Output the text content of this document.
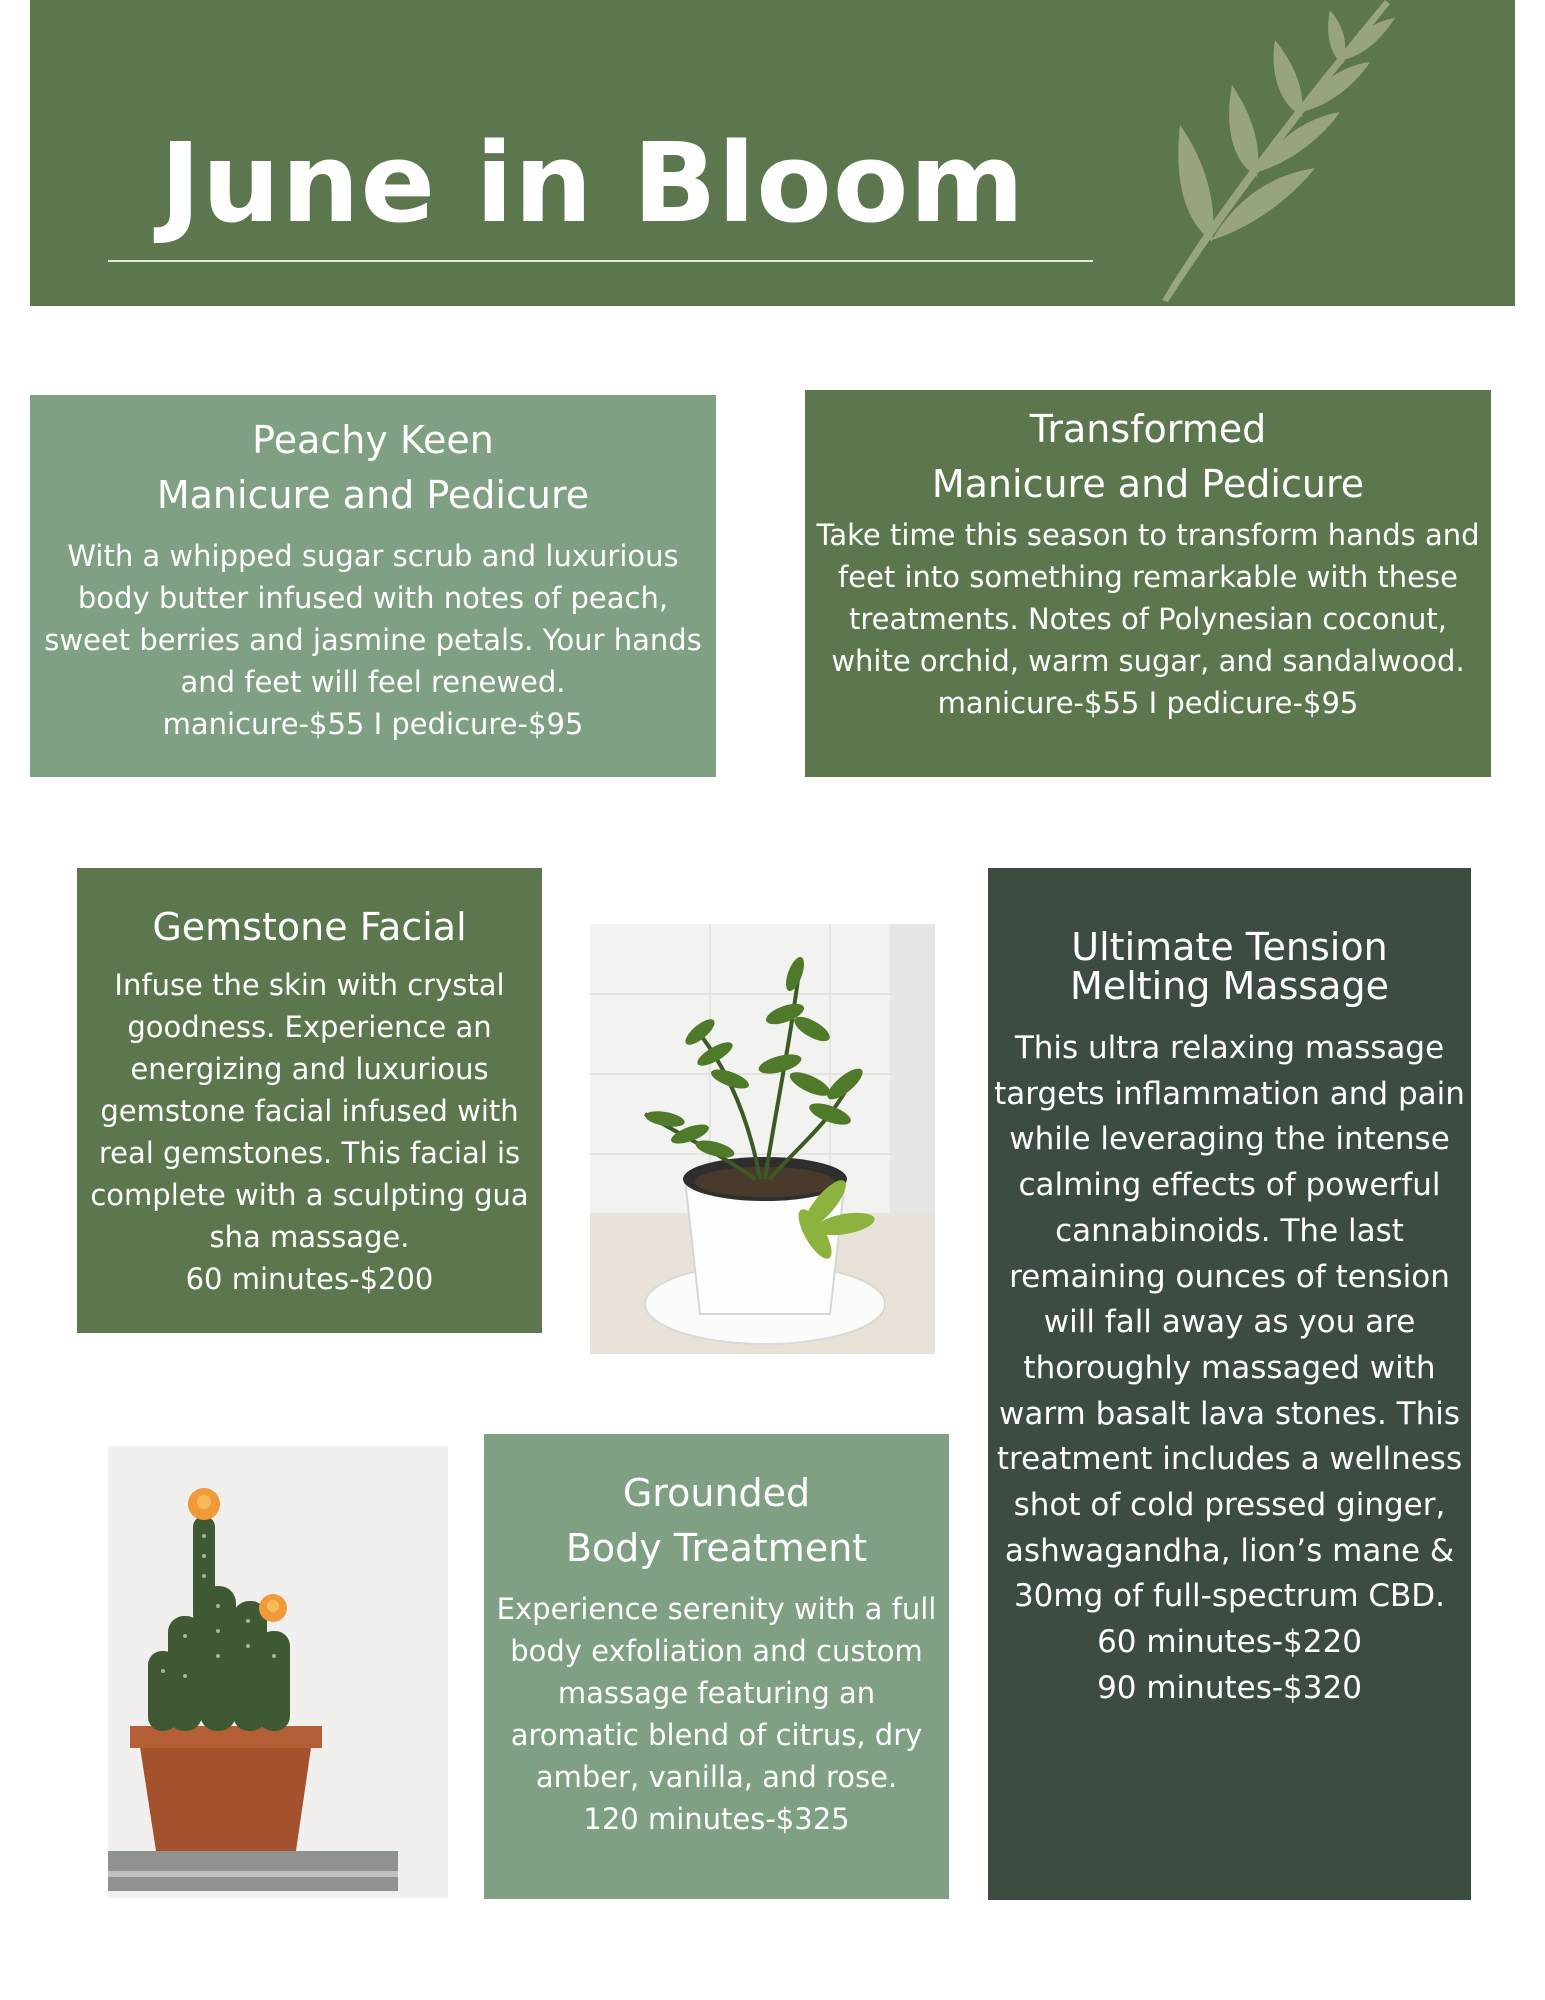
June in Bloom
Peachy Keen
Manicure and Pedicure

With a whipped sugar scrub and luxurious body butter infused with notes of peach, sweet berries and jasmine petals. Your hands and feet will feel renewed.
manicure-$55 I pedicure-$95

Transformed
Manicure and Pedicure

Take time this season to transform hands and feet into something remarkable with these treatments. Notes of Polynesian coconut, white orchid, warm sugar, and sandalwood.
manicure-$55 I pedicure-$95

Gemstone Facial

Infuse the skin with crystal goodness. Experience an energizing and luxurious gemstone facial infused with real gemstones. This facial is complete with a sculpting gua sha massage.
60 minutes-$200

Ultimate Tension
Melting Massage

This ultra relaxing massage targets inflammation and pain while leveraging the intense calming effects of powerful cannabinoids. The last remaining ounces of tension will fall away as you are thoroughly massaged with warm basalt lava stones. This treatment includes a wellness shot of cold pressed ginger, ashwagandha, lion’s mane & 30mg of full-spectrum CBD.
60 minutes-$220
90 minutes-$320

Grounded
Body Treatment

Experience serenity with a full body exfoliation and custom massage featuring an aromatic blend of citrus, dry amber, vanilla, and rose.
120 minutes-$325
